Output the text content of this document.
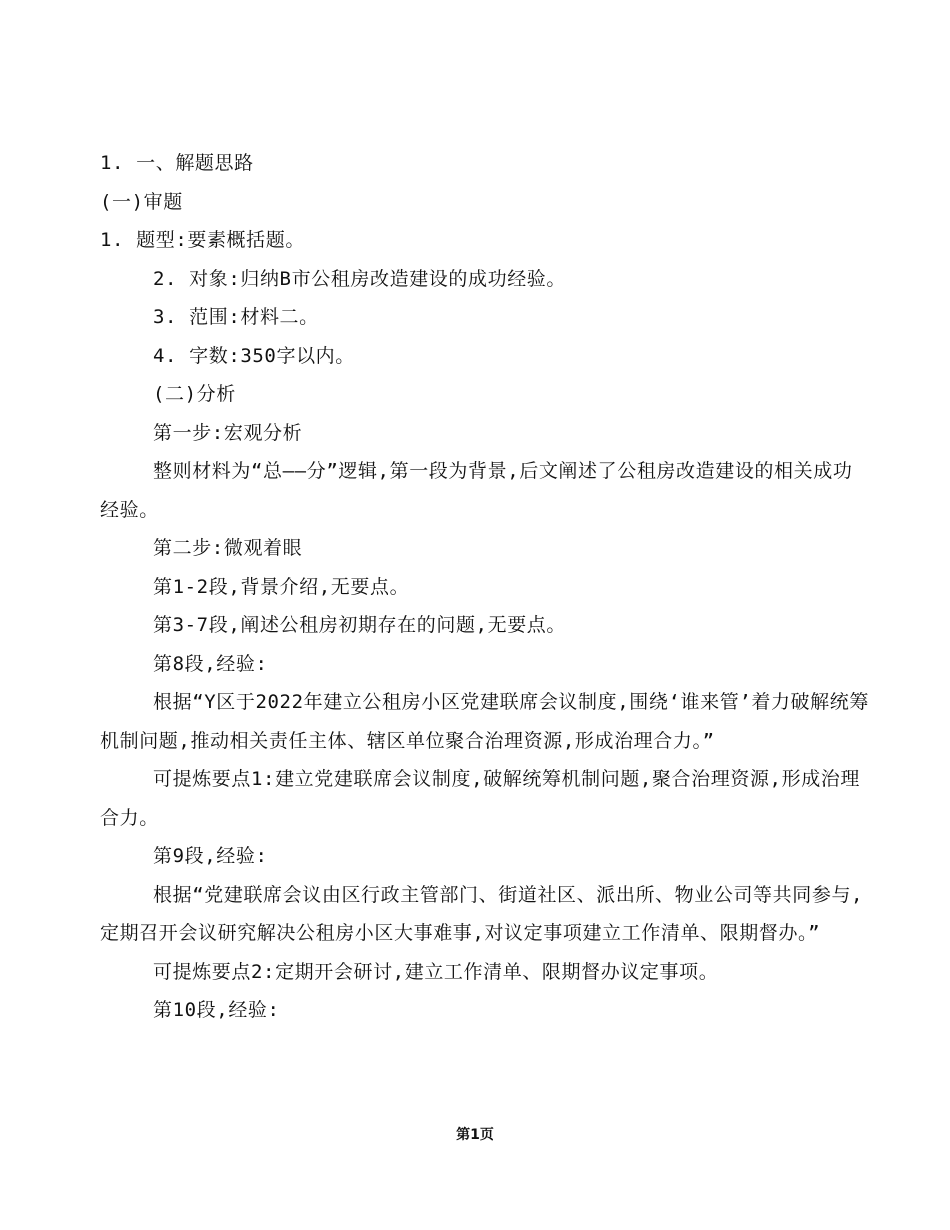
1. 一、解题思路

(一)审题

1. 题型:要素概括题。

2. 对象:归纳B市公租房改造建设的成功经验。

3. 范围:材料二。

4. 字数:350字以内。

(二)分析

第一步:宏观分析

整则材料为“总——分”逻辑,第一段为背景,后文阐述了公租房改造建设的相关成功经验。

第二步:微观着眼

第1-2段,背景介绍,无要点。

第3-7段,阐述公租房初期存在的问题,无要点。

第8段,经验:

根据“Y区于2022年建立公租房小区党建联席会议制度,围绕‘谁来管’着力破解统筹机制问题,推动相关责任主体、辖区单位聚合治理资源,形成治理合力。”

可提炼要点1:建立党建联席会议制度,破解统筹机制问题,聚合治理资源,形成治理合力。

第9段,经验:

根据“党建联席会议由区行政主管部门、街道社区、派出所、物业公司等共同参与,定期召开会议研究解决公租房小区大事难事,对议定事项建立工作清单、限期督办。”

可提炼要点2:定期开会研讨,建立工作清单、限期督办议定事项。

第10段,经验:

第1页
